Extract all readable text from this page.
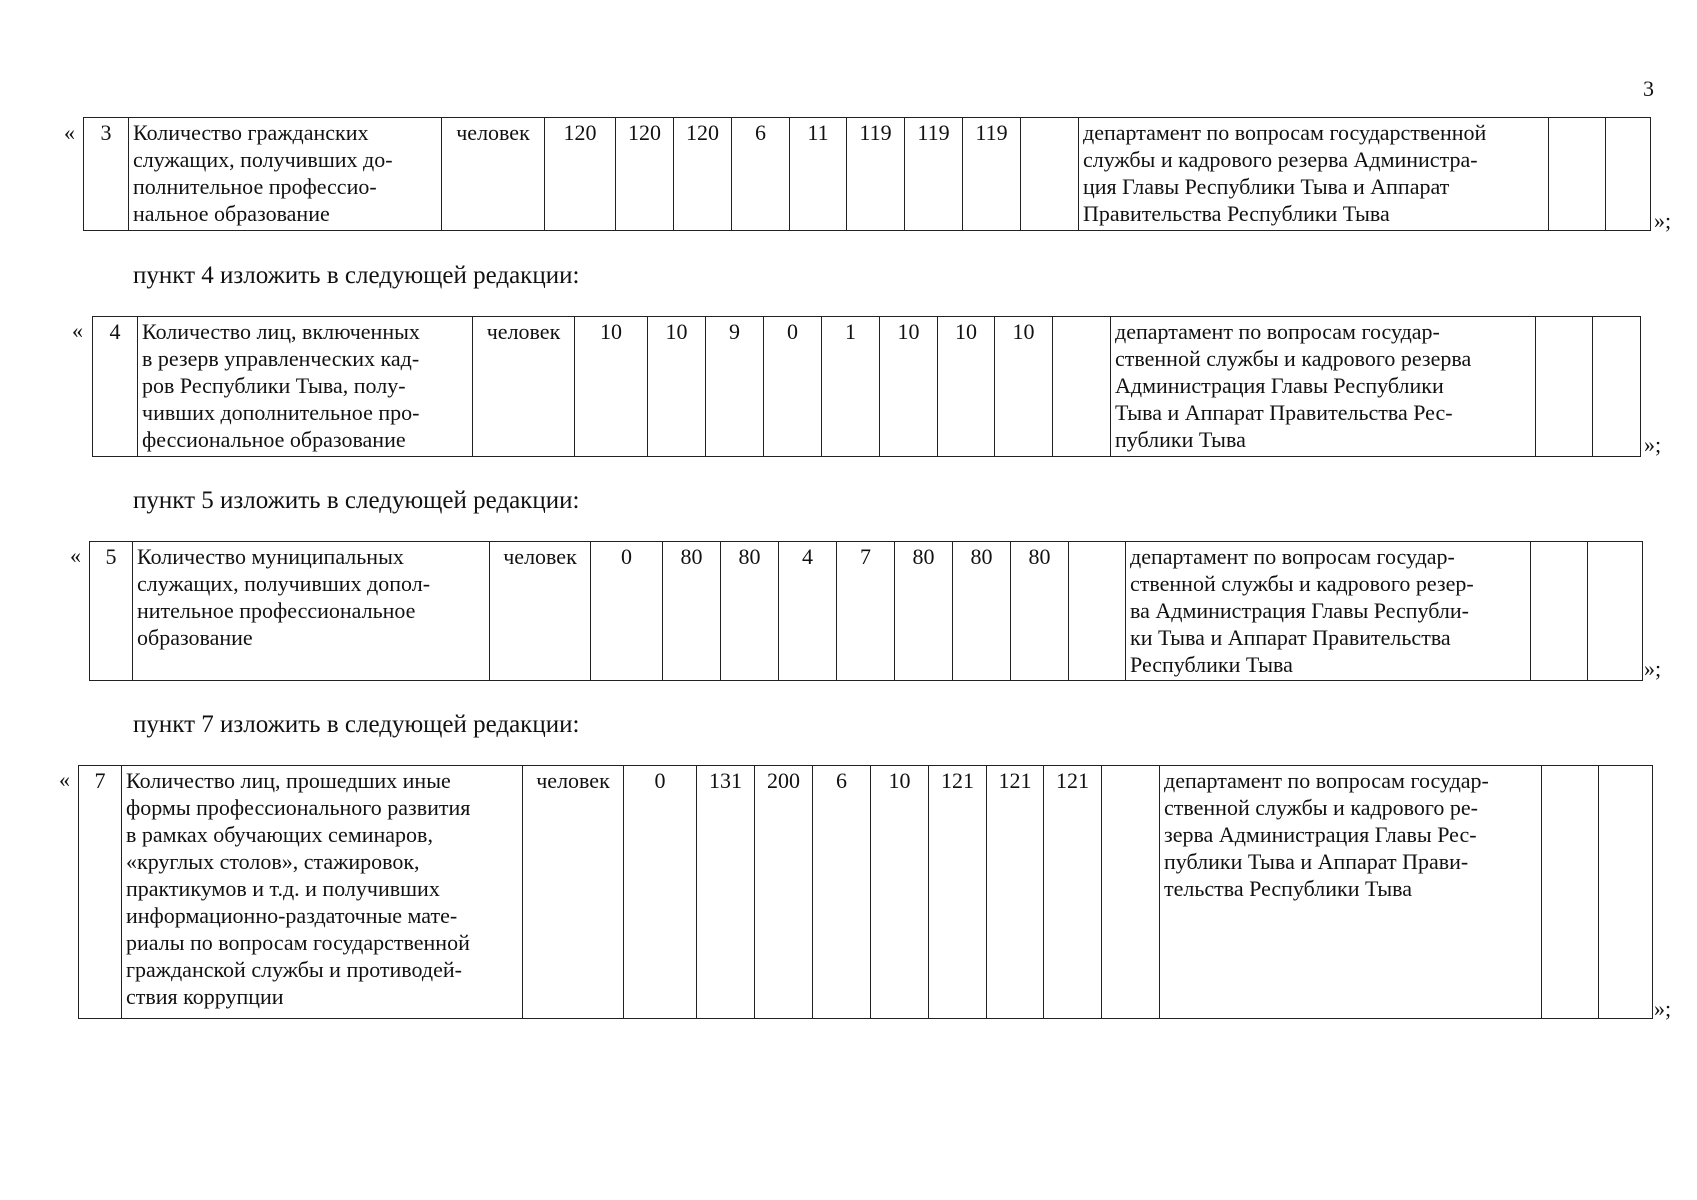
3
« 3	Количество гражданских
служащих, получивших до-
полнительное профессио-
нальное образование
	человек	120	120	120	6	11	119	119	119		департамент по вопросам государственной
службы и кадрового резерва Администра-
ция Главы Республики Тыва и Аппарат
Правительства Республики Тыва
			»;
пункт 4 изложить в следующей редакции:
« 4	Количество лиц, включенных
в резерв управленческих кад-
ров Республики Тыва, полу-
чивших дополнительное про-
фессиональное образование
	человек	10	10	9	0	1	10	10	10		департамент по вопросам государ-
ственной службы и кадрового резерва
Администрация Главы Республики
Тыва и Аппарат Правительства Рес-
публики Тыва
			»;
пункт 5 изложить в следующей редакции:
« 5	Количество муниципальных
служащих, получивших допол-
нительное профессиональное
образование
	человек	0	80	80	4	7	80	80	80		департамент по вопросам государ-
ственной службы и кадрового резер-
ва Администрация Главы Республи-
ки Тыва и Аппарат Правительства
Республики Тыва
			»;
пункт 7 изложить в следующей редакции:
« 7	Количество лиц, прошедших иные
формы профессионального развития
в рамках обучающих семинаров,
«круглых столов», стажировок,
практикумов и т.д. и получивших
информационно-раздаточные мате-
риалы по вопросам государственной
гражданской службы и противодей-
ствия коррупции
	человек	0	131	200	6	10	121	121	121		департамент по вопросам государ-
ственной службы и кадрового ре-
зерва Администрация Главы Рес-
публики Тыва и Аппарат Прави-
тельства Республики Тыва

»;
